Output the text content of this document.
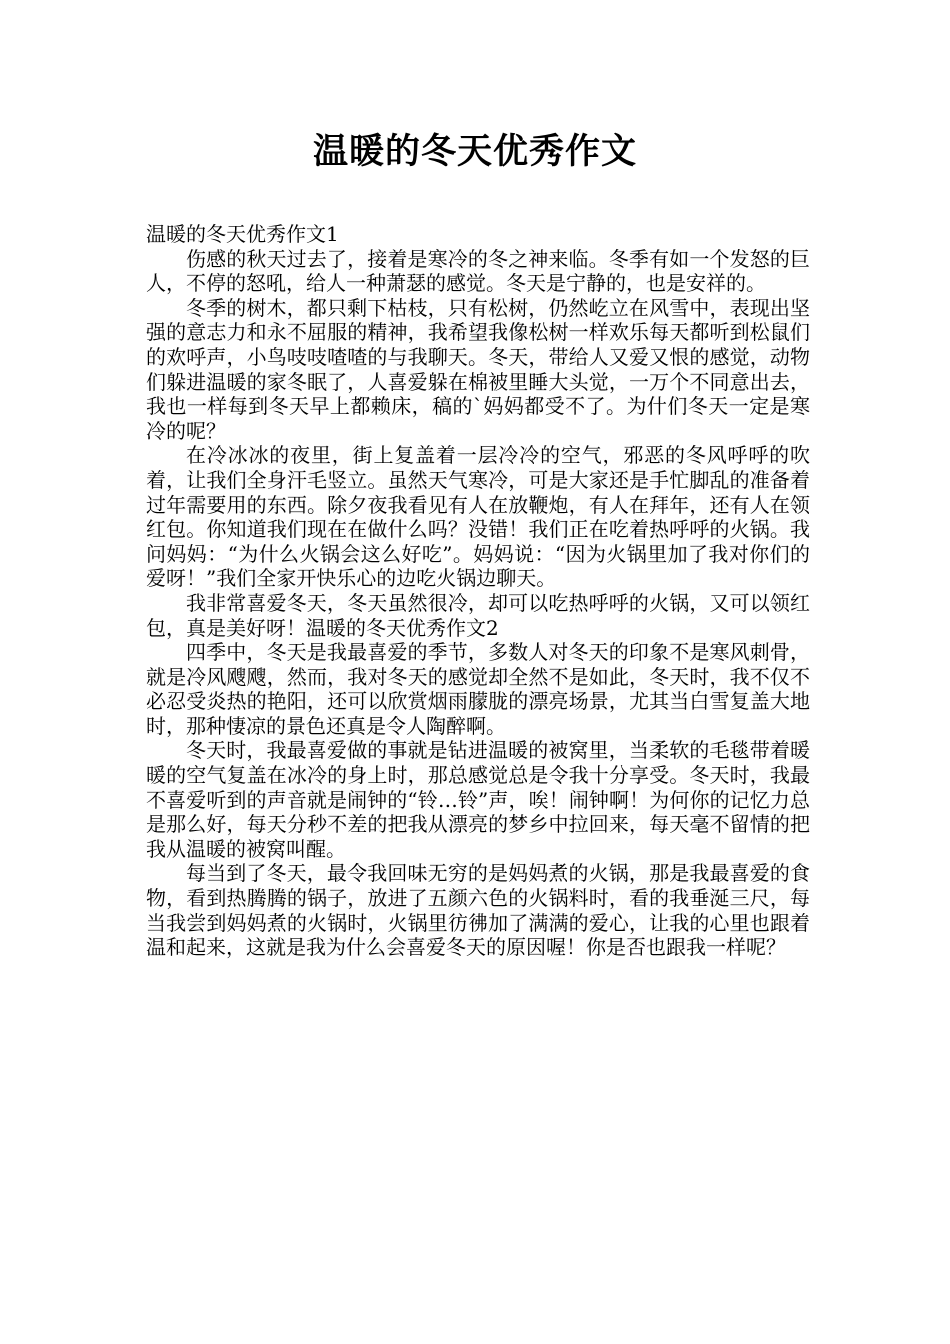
温暖的冬天优秀作文

温暖的冬天优秀作文1

伤感的秋天过去了，接着是寒冷的冬之神来临。冬季有如一个发怒的巨人，不停的怒吼，给人一种萧瑟的感觉。冬天是宁静的，也是安祥的。

冬季的树木，都只剩下枯枝，只有松树，仍然屹立在风雪中，表现出坚强的意志力和永不屈服的精神，我希望我像松树一样欢乐每天都听到松鼠们的欢呼声，小鸟吱吱喳喳的与我聊天。冬天，带给人又爱又恨的感觉，动物们躲进温暖的家冬眠了，人喜爱躲在棉被里睡大头觉，一万个不同意出去，我也一样每到冬天早上都赖床，稿的`妈妈都受不了。为什们冬天一定是寒冷的呢？

在冷冰冰的夜里，街上复盖着一层冷冷的空气，邪恶的冬风呼呼的吹着，让我们全身汗毛竖立。虽然天气寒冷，可是大家还是手忙脚乱的准备着过年需要用的东西。除夕夜我看见有人在放鞭炮，有人在拜年，还有人在领红包。你知道我们现在在做什么吗？没错！我们正在吃着热呼呼的火锅。我问妈妈：“为什么火锅会这么好吃”。妈妈说：“因为火锅里加了我对你们的爱呀！”我们全家开快乐心的边吃火锅边聊天。

我非常喜爱冬天，冬天虽然很冷，却可以吃热呼呼的火锅，又可以领红包，真是美好呀！温暖的冬天优秀作文2

四季中，冬天是我最喜爱的季节，多数人对冬天的印象不是寒风刺骨，就是冷风飕飕，然而，我对冬天的感觉却全然不是如此，冬天时，我不仅不必忍受炎热的艳阳，还可以欣赏烟雨朦胧的漂亮场景，尤其当白雪复盖大地时，那种悽凉的景色还真是令人陶醉啊。

冬天时，我最喜爱做的事就是钻进温暖的被窝里，当柔软的毛毯带着暖暖的空气复盖在冰冷的身上时，那总感觉总是令我十分享受。冬天时，我最不喜爱听到的声音就是闹钟的“铃…铃”声，唉！闹钟啊！为何你的记忆力总是那么好，每天分秒不差的把我从漂亮的梦乡中拉回来，每天毫不留情的把我从温暖的被窝叫醒。

每当到了冬天，最令我回味无穷的是妈妈煮的火锅，那是我最喜爱的食物，看到热腾腾的锅子，放进了五颜六色的火锅料时，看的我垂涎三尺，每当我尝到妈妈煮的火锅时，火锅里彷彿加了满满的爱心，让我的心里也跟着温和起来，这就是我为什么会喜爱冬天的原因喔！你是否也跟我一样呢？
